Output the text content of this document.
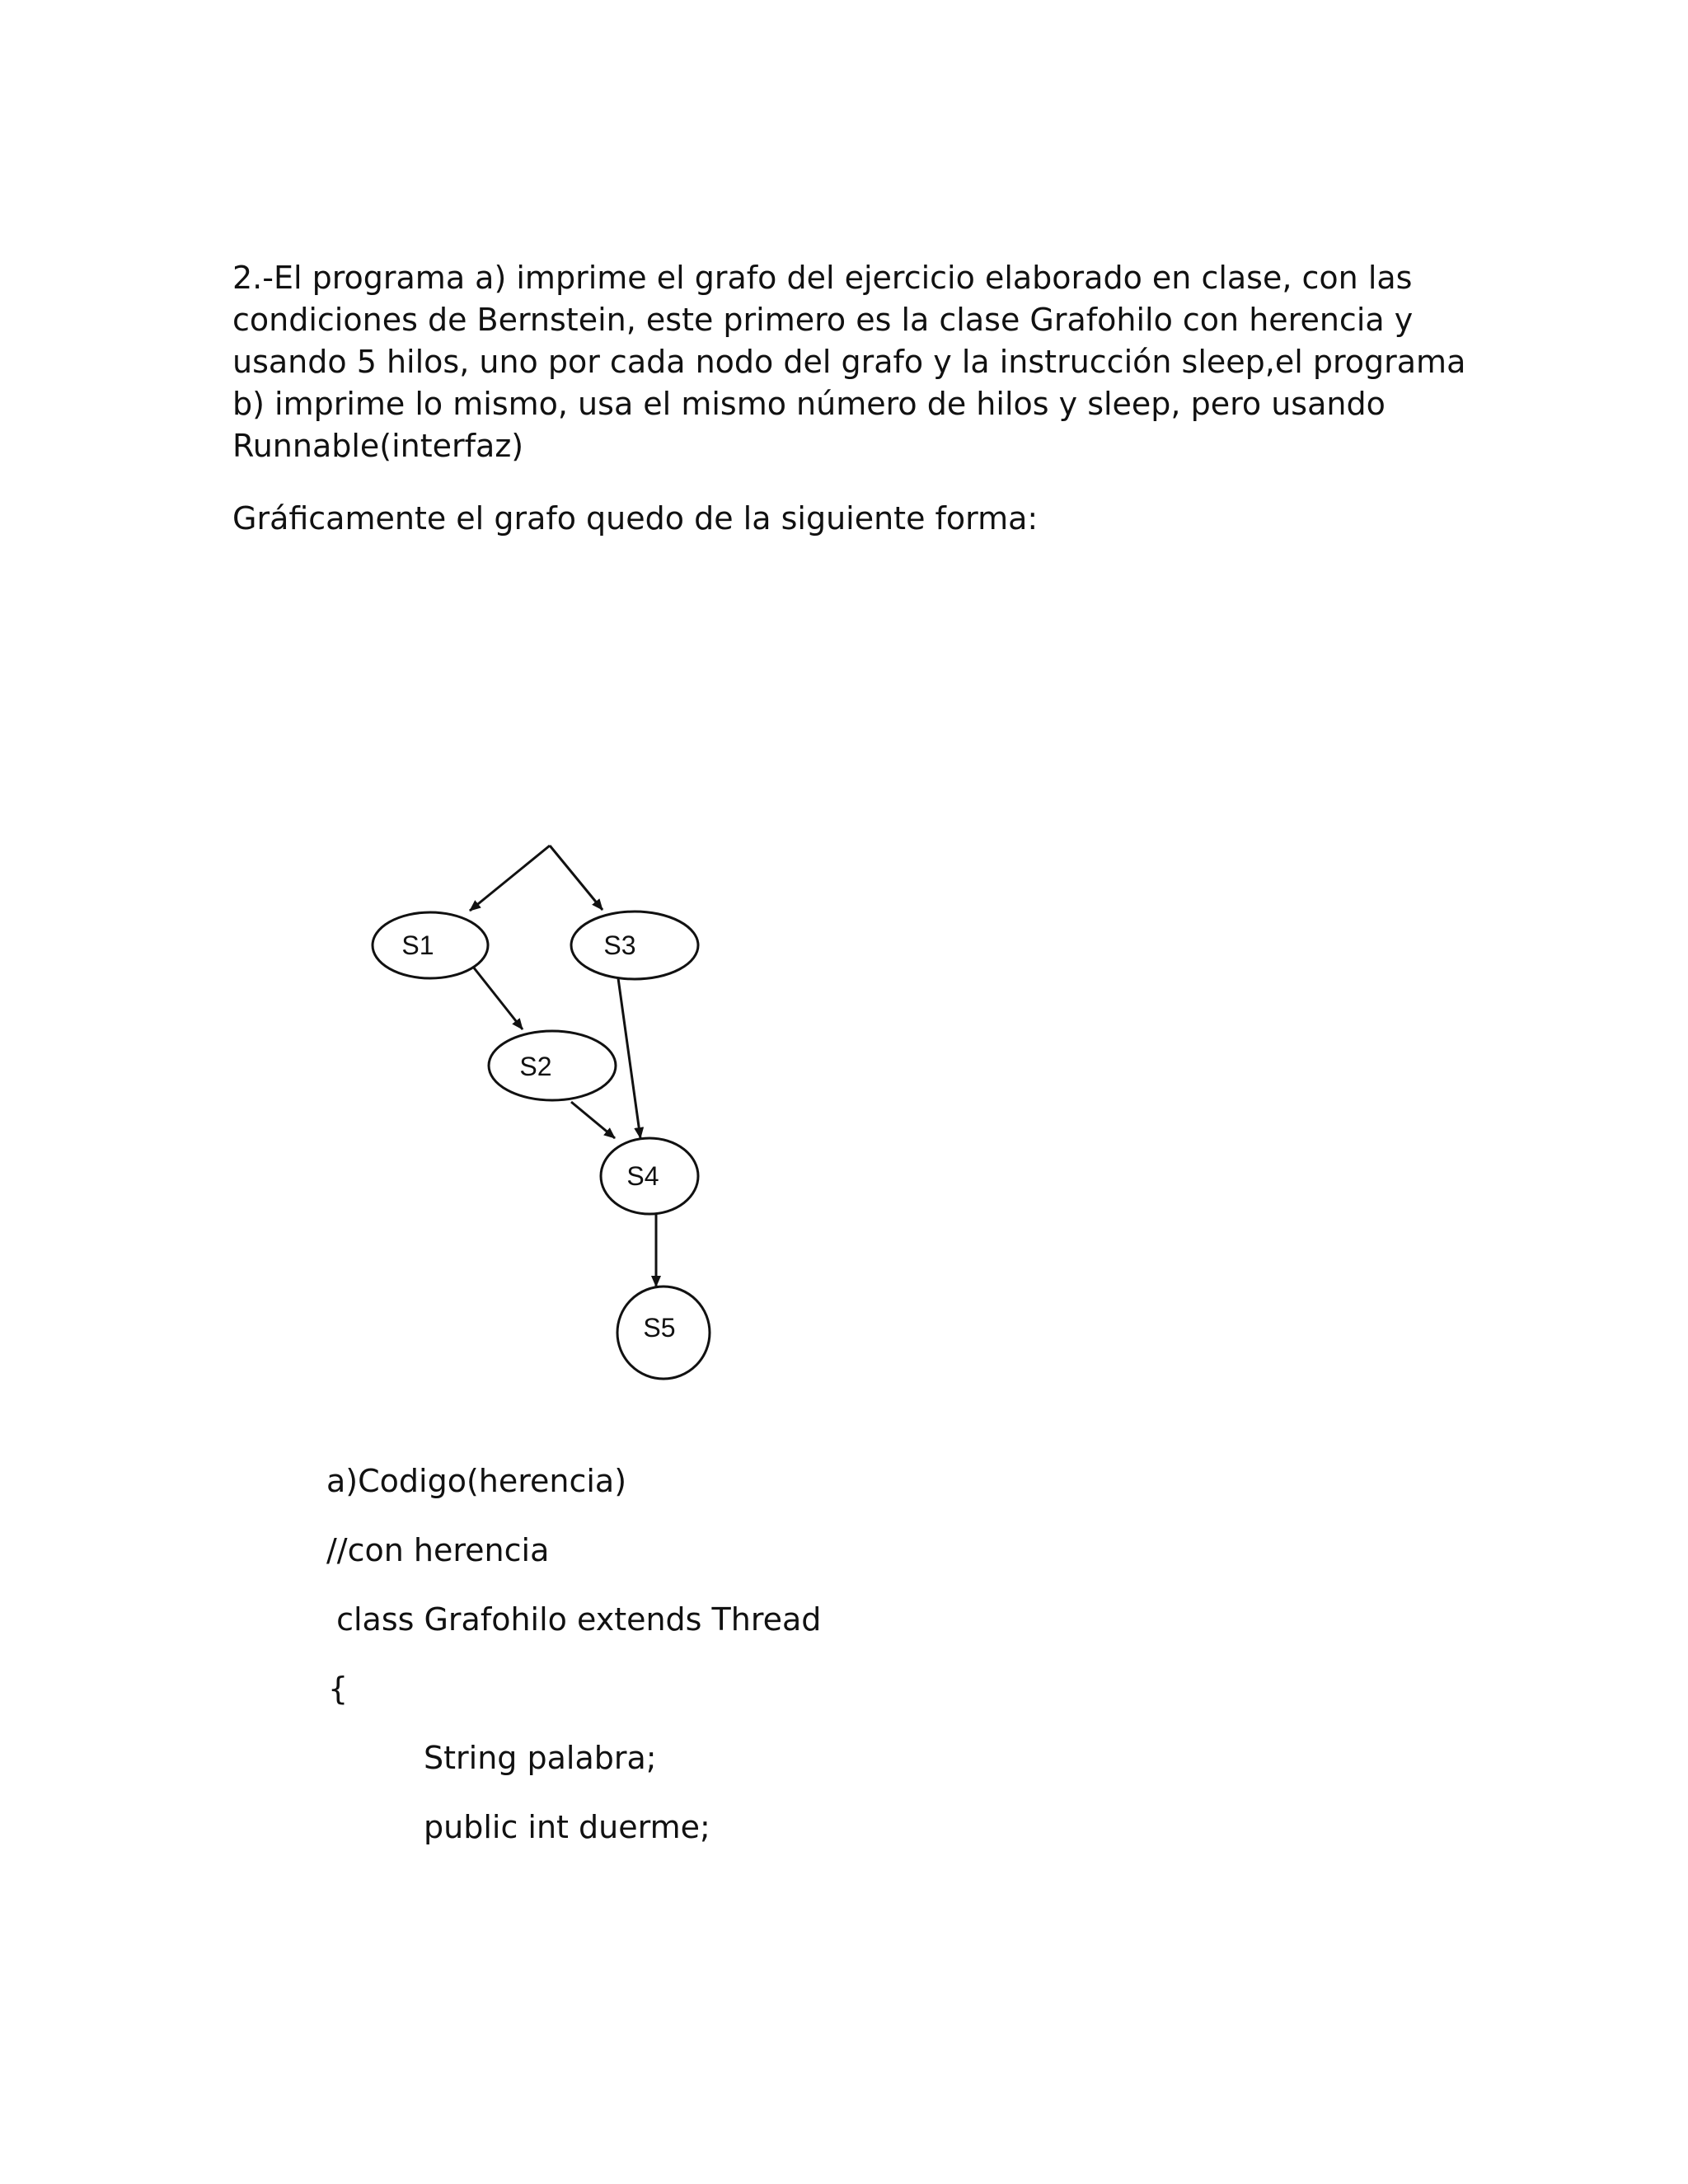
2.-El programa a) imprime el grafo del ejercicio elaborado en clase, con las
condiciones de Bernstein, este primero es la clase Grafohilo con herencia y
usando 5 hilos, uno por cada nodo del grafo y la instrucción sleep,el programa
b) imprime lo mismo, usa el mismo número de hilos y sleep, pero usando
Runnable(interfaz)

Gráficamente el grafo quedo de la siguiente forma:
S1	S3
S2
S4
S5
a)Codigo(herencia)
//con herencia
class Grafohilo extends Thread
{
String palabra;
public int duerme;
